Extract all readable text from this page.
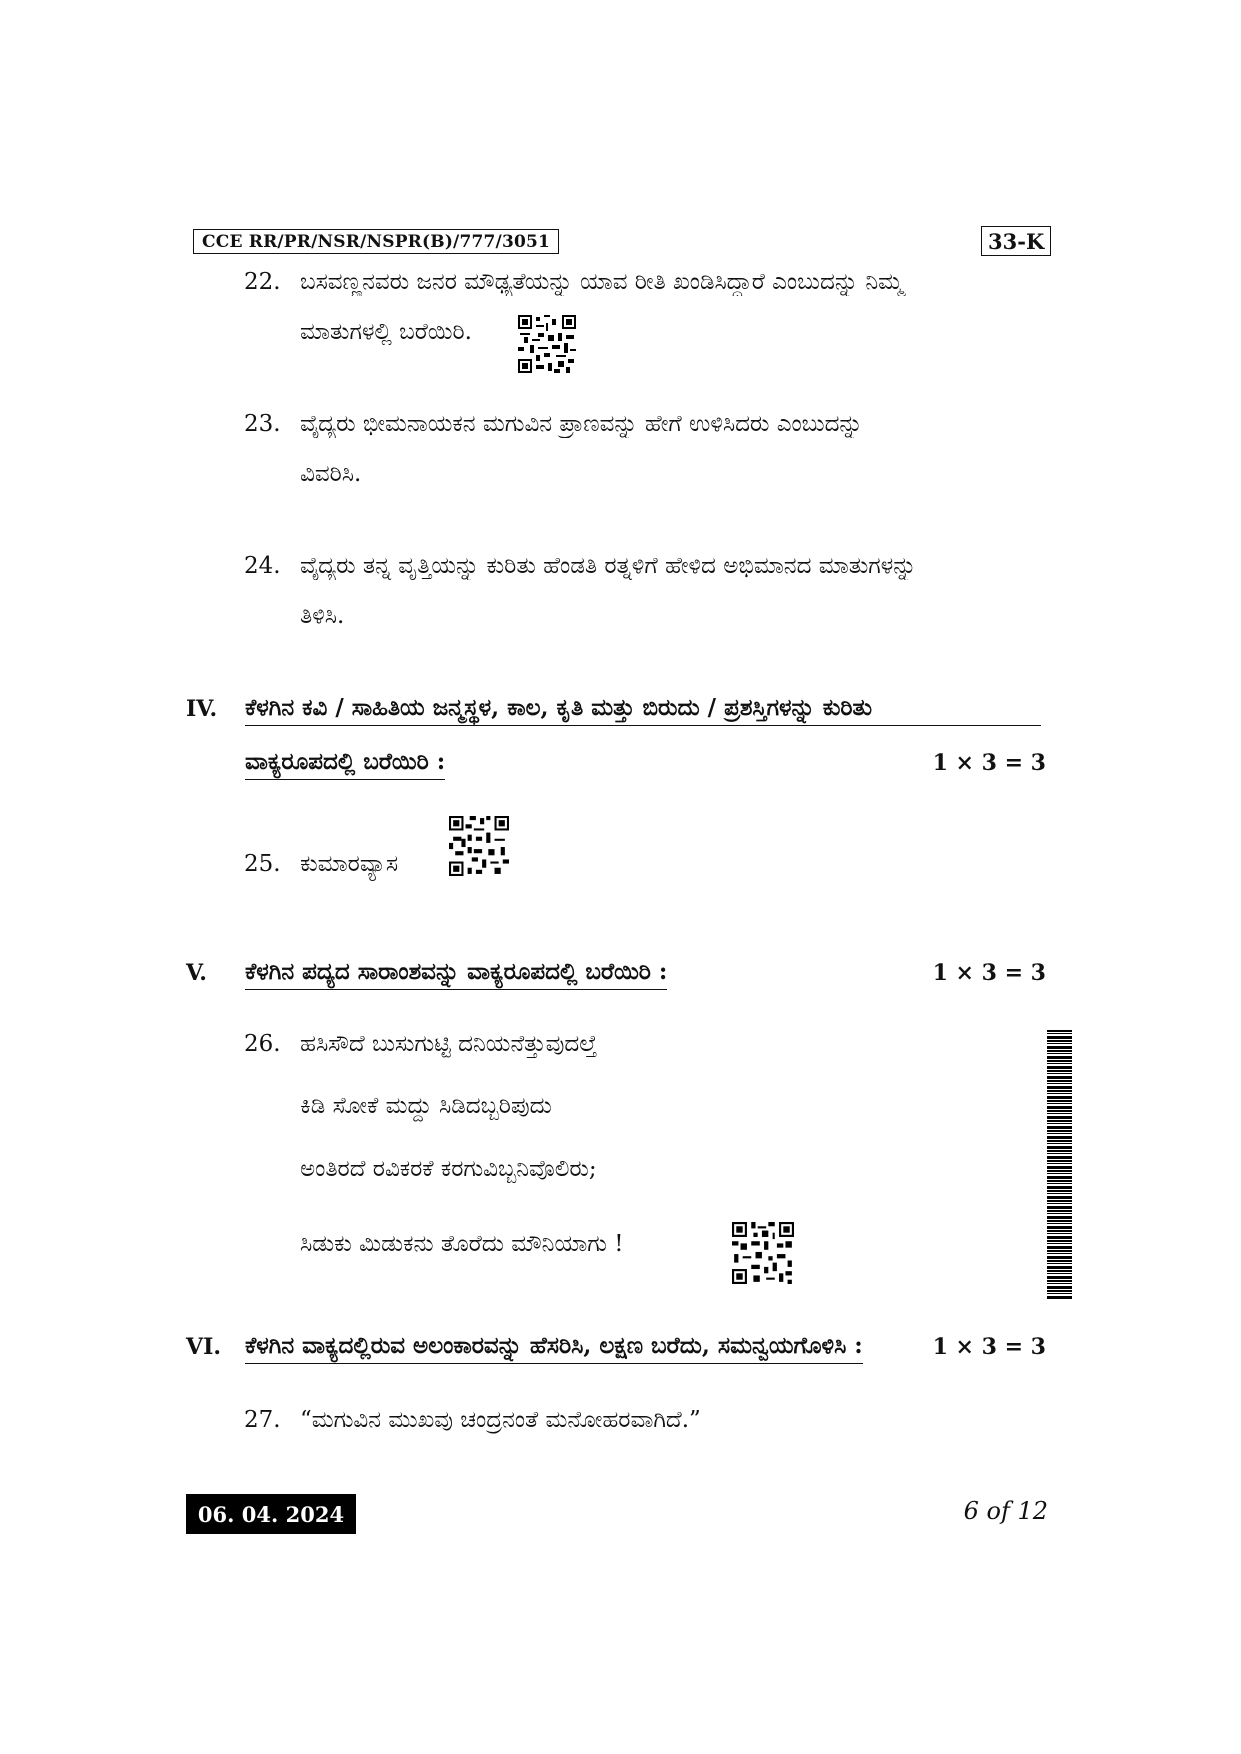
CCE RR/PR/NSR/NSPR(B)/777/3051	33-K
22. ಬಸವಣ್ಣನವರು ಜನರ ಮೌಢ್ಯತೆಯನ್ನು ಯಾವ ರೀತಿ ಖಂಡಿಸಿದ್ದಾರೆ ಎಂಬುದನ್ನು ನಿಮ್ಮ
ಮಾತುಗಳಲ್ಲಿ ಬರೆಯಿರಿ.
23. ವೈದ್ಯರು ಭೀಮನಾಯಕನ ಮಗುವಿನ ಪ್ರಾಣವನ್ನು ಹೇಗೆ ಉಳಿಸಿದರು ಎಂಬುದನ್ನು
ವಿವರಿಸಿ.
24. ವೈದ್ಯರು ತನ್ನ ವೃತ್ತಿಯನ್ನು ಕುರಿತು ಹೆಂಡತಿ ರತ್ನಳಿಗೆ ಹೇಳಿದ ಅಭಿಮಾನದ ಮಾತುಗಳನ್ನು
ತಿಳಿಸಿ.
IV. ಕೆಳಗಿನ ಕವಿ / ಸಾಹಿತಿಯ ಜನ್ಮಸ್ಥಳ, ಕಾಲ, ಕೃತಿ ಮತ್ತು ಬಿರುದು / ಪ್ರಶಸ್ತಿಗಳನ್ನು ಕುರಿತು
ವಾಕ್ಯರೂಪದಲ್ಲಿ ಬರೆಯಿರಿ :	1 × 3 = 3
25. ಕುಮಾರವ್ಯಾಸ
V. ಕೆಳಗಿನ ಪದ್ಯದ ಸಾರಾಂಶವನ್ನು ವಾಕ್ಯರೂಪದಲ್ಲಿ ಬರೆಯಿರಿ :	1 × 3 = 3
26. ಹಸಿಸೌದೆ ಬುಸುಗುಟ್ಟಿ ದನಿಯನೆತ್ತುವುದಲ್ತೆ
ಕಿಡಿ ಸೋಕೆ ಮದ್ದು ಸಿಡಿದಬ್ಬರಿಪುದು
ಅಂತಿರದೆ ರವಿಕರಕೆ ಕರಗುವಿಬ್ಬನಿವೊಲಿರು;
ಸಿಡುಕು ಮಿಡುಕನು ತೊರೆದು ಮೌನಿಯಾಗು !
VI. ಕೆಳಗಿನ ವಾಕ್ಯದಲ್ಲಿರುವ ಅಲಂಕಾರವನ್ನು ಹೆಸರಿಸಿ, ಲಕ್ಷಣ ಬರೆದು, ಸಮನ್ವಯಗೊಳಿಸಿ :	1 × 3 = 3
27. “ಮಗುವಿನ ಮುಖವು ಚಂದ್ರನಂತೆ ಮನೋಹರವಾಗಿದೆ.”
06. 04. 2024	6 of 12
